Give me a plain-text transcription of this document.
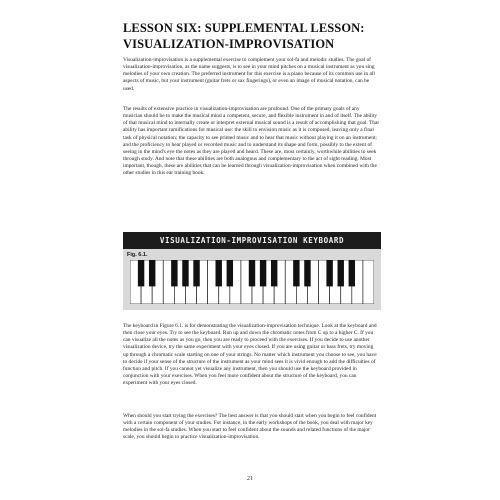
LESSON SIX: SUPPLEMENTAL LESSON:
VISUALIZATION-IMPROVISATION

Visualization-improvisation is a supplemental exercise to complement your sol-fa and melodic studies. The goal of visualization-improvisation, as the name suggests, is to see in your mind pitches on a musical instrument as you sing melodies of your own creation. The preferred instrument for this exercise is a piano because of its common use in all aspects of music, but your instrument (guitar frets or sax fingerings), or even an image of musical notation, can be used.

The results of extensive practice in visualization-improvisation are profound. One of the primary goals of any musician should be to make the musical mind a competent, secure, and flexible instrument in and of itself. The ability of that musical mind to internally create or interpret external musical sound is a result of accomplishing that goal. That ability has important ramifications for musical use: the skill to envision music as it is composed, leaving only a final task of physical notation; the capacity to see printed music and to hear that music without playing it on an instrument; and the proficiency to hear played or recorded music and to understand its shape and form, possibly to the extent of seeing in the mind's eye the notes as they are played and heard. These are, most certainly, worthwhile abilities to seek through study. And note that these abilities are both analogous and complementary to the act of sight reading. Most important, though, these are abilities that can be learned through visualization-improvisation when combined with the other studies in this ear training book.

VISUALIZATION-IMPROVISATION KEYBOARD
Fig. 6.1.

The keyboard in Figure 6.1. is for demonstrating the visualization-improvisation technique. Look at the keyboard and then close your eyes. Try to see the keyboard. Run up and down the chromatic notes from C up to a higher C. If you can visualize all the notes as you go, then you are ready to proceed with the exercises. If you decide to use another visualization device, try the same experiment with your eyes closed. If you are using guitar or bass frets, try moving up through a chromatic scale starting on one of your strings. No matter which instrument you choose to see, you have to decide if your sense of the structure of the instrument as your mind sees it is vivid enough to add the difficulties of function and pitch. If you cannot yet visualize any instrument, then you should use the keyboard provided in conjunction with your exercises. When you feel more confident about the structure of the keyboard, you can experiment with your eyes closed.

When should you start trying the exercises? The best answer is that you should start when you begin to feel confident with a certain component of your studies. For instance, in the early workshops of the book, you deal with major key melodies in the sol-fa studies. When you start to feel confident about the sounds and related functions of the major scale, you should begin to practice visualization-improvisation.

21
